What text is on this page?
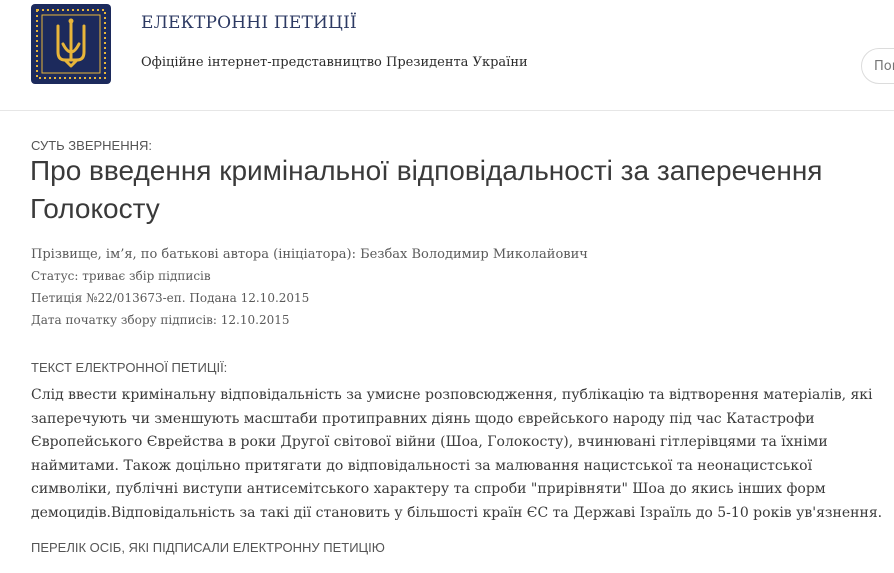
ЕЛЕКТРОННІ ПЕТИЦІЇ
Офіційне інтернет-представництво Президента України
Пош
СУТЬ ЗВЕРНЕННЯ:
Про введення кримінальної відповідальності за заперечення Голокосту
Прізвище, ім’я, по батькові автора (ініціатора): Безбах Володимир Миколайович
Статус: триває збір підписів
Петиція №22/013673-еп. Подана 12.10.2015
Дата початку збору підписів: 12.10.2015
ТЕКСТ ЕЛЕКТРОННОЇ ПЕТИЦІЇ:

Слід ввести кримінальну відповідальність за умисне розповсюдження, публікацію та відтворення матеріалів, які заперечують чи зменшують масштаби протиправних діянь щодо єврейського народу під час Катастрофи Європейського Єврейства в роки Другої світової війни (Шоа, Голокосту), вчинювані гітлерівцями та їхніми наймитами. Також доцільно притягати до відповідальності за малювання нацистської та неонацистської символіки, публічні виступи антисемітського характеру та спроби "прирівняти" Шоа до якись інших форм демоцидів.Відповідальність за такі дії становить у більшості країн ЄС та Державі Ізраїль до 5-10 років ув'язнення.

ПЕРЕЛІК ОСІБ, ЯКІ ПІДПИСАЛИ ЕЛЕКТРОННУ ПЕТИЦІЮ
